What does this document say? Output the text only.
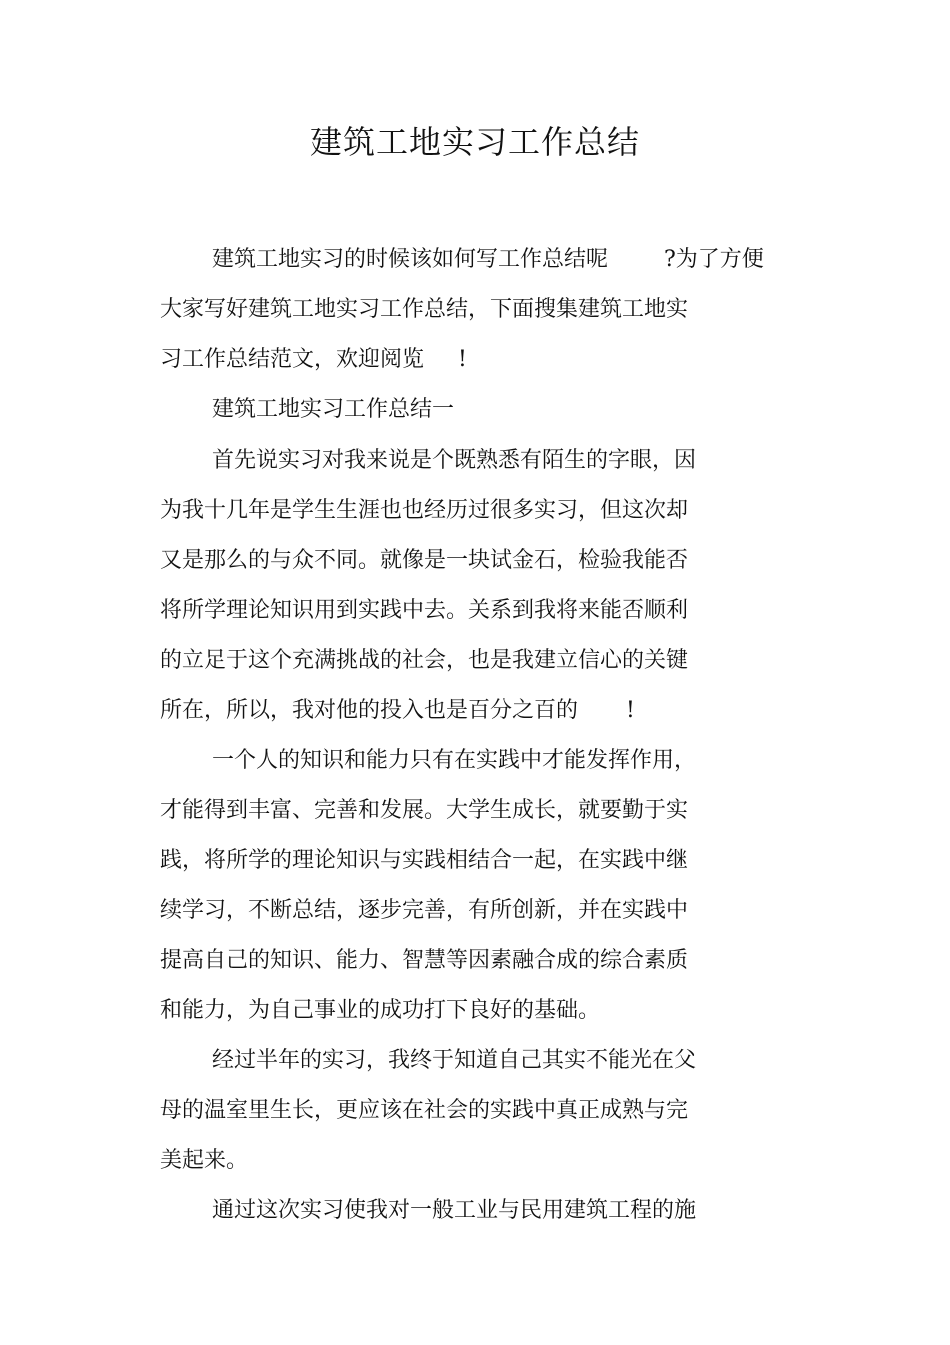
建筑工地实习工作总结
建筑工地实习的时候该如何写工作总结呢	?为了方便
大家写好建筑工地实习工作总结，下面搜集建筑工地实
习工作总结范文，欢迎阅览 !
建筑工地实习工作总结一
首先说实习对我来说是个既熟悉有陌生的字眼，因
为我十几年是学生生涯也也经历过很多实习，但这次却
又是那么的与众不同。就像是一块试金石，检验我能否
将所学理论知识用到实践中去。关系到我将来能否顺利
的立足于这个充满挑战的社会，也是我建立信心的关键
所在，所以，我对他的投入也是百分之百的 !
一个人的知识和能力只有在实践中才能发挥作用，
才能得到丰富、完善和发展。大学生成长，就要勤于实
践，将所学的理论知识与实践相结合一起，在实践中继
续学习，不断总结，逐步完善，有所创新，并在实践中
提高自己的知识、能力、智慧等因素融合成的综合素质
和能力，为自己事业的成功打下良好的基础。
经过半年的实习，我终于知道自己其实不能光在父
母的温室里生长，更应该在社会的实践中真正成熟与完
美起来。
通过这次实习使我对一般工业与民用建筑工程的施
